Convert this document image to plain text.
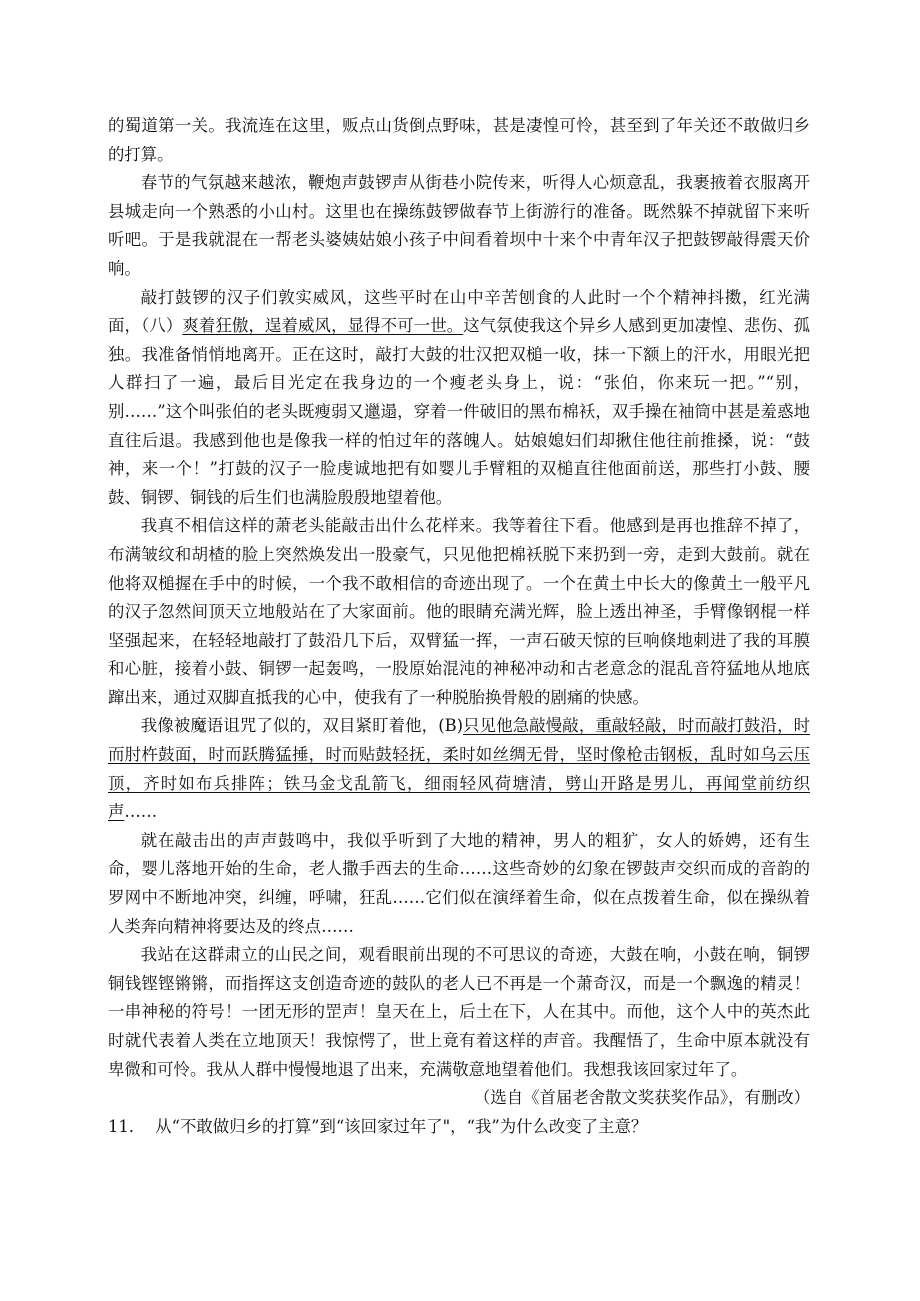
的蜀道第一关。我流连在这里，贩点山货倒点野味，甚是凄惶可怜，甚至到了年关还不敢做归乡的打算。

春节的气氛越来越浓，鞭炮声鼓锣声从街巷小院传来，听得人心烦意乱，我裹掖着衣服离开县城走向一个熟悉的小山村。这里也在操练鼓锣做春节上街游行的准备。既然躲不掉就留下来听听吧。于是我就混在一帮老头婆姨姑娘小孩子中间看着坝中十来个中青年汉子把鼓锣敲得震天价响。

敲打鼓锣的汉子们敦实威风，这些平时在山中辛苦刨食的人此时一个个精神抖擞，红光满面，（八）爽着狂傲，逞着威风，显得不可一世。这气氛使我这个异乡人感到更加凄惶、悲伤、孤独。我准备悄悄地离开。正在这时，敲打大鼓的壮汉把双槌一收，抹一下额上的汗水，用眼光把人群扫了一遍，最后目光定在我身边的一个瘦老头身上，说：“张伯，你来玩一把。”“别，别……”这个叫张伯的老头既瘦弱又邋遢，穿着一件破旧的黑布棉袄，双手操在袖筒中甚是羞惑地直往后退。我感到他也是像我一样的怕过年的落魄人。姑娘媳妇们却揪住他往前推搡，说：“鼓神，来一个！”打鼓的汉子一脸虔诚地把有如婴儿手臂粗的双槌直往他面前送，那些打小鼓、腰鼓、铜锣、铜钱的后生们也满脸殷殷地望着他。

我真不相信这样的萧老头能敲击出什么花样来。我等着往下看。他感到是再也推辞不掉了，布满皱纹和胡楂的脸上突然焕发出一股豪气，只见他把棉袄脱下来扔到一旁，走到大鼓前。就在他将双槌握在手中的时候，一个我不敢相信的奇迹出现了。一个在黄土中长大的像黄土一般平凡的汉子忽然间顶天立地般站在了大家面前。他的眼睛充满光辉，脸上透出神圣，手臂像钢棍一样坚强起来，在轻轻地敲打了鼓沿几下后，双臂猛一挥，一声石破天惊的巨响倏地刺进了我的耳膜和心脏，接着小鼓、铜锣一起轰鸣，一股原始混沌的神秘冲动和古老意念的混乱音符猛地从地底蹿出来，通过双脚直抵我的心中，使我有了一种脱胎换骨般的剧痛的快感。

我像被魔语诅咒了似的，双目紧盯着他，(B)只见他急敲慢敲，重敲轻敲，时而敲打鼓沿，时而肘杵鼓面，时而跃腾猛捶，时而贴鼓轻抚，柔时如丝绸无骨，坚时像枪击钢板，乱时如乌云压顶，齐时如布兵排阵；铁马金戈乱箭飞，细雨轻风荷塘清，劈山开路是男儿，再闻堂前纺织声……

就在敲击出的声声鼓鸣中，我似乎听到了大地的精神，男人的粗犷，女人的娇娉，还有生命，婴儿落地开始的生命，老人撒手西去的生命……这些奇妙的幻象在锣鼓声交织而成的音韵的罗网中不断地冲突，纠缠，呼啸，狂乱……它们似在演绎着生命，似在点拨着生命，似在操纵着人类奔向精神将要达及的终点……

我站在这群肃立的山民之间，观看眼前出现的不可思议的奇迹，大鼓在响，小鼓在响，铜锣铜钱铿铿锵锵，而指挥这支创造奇迹的鼓队的老人已不再是一个萧奇汉，而是一个飘逸的精灵！一串神秘的符号！一团无形的罡声！皇天在上，后土在下，人在其中。而他，这个人中的英杰此时就代表着人类在立地顶天！我惊愕了，世上竟有着这样的声音。我醒悟了，生命中原本就没有卑微和可怜。我从人群中慢慢地退了出来，充满敬意地望着他们。我想我该回家过年了。

（选自《首届老舍散文奖获奖作品》，有删改）

11． 从“不敢做归乡的打算”到“该回家过年了"，“我”为什么改变了主意？
